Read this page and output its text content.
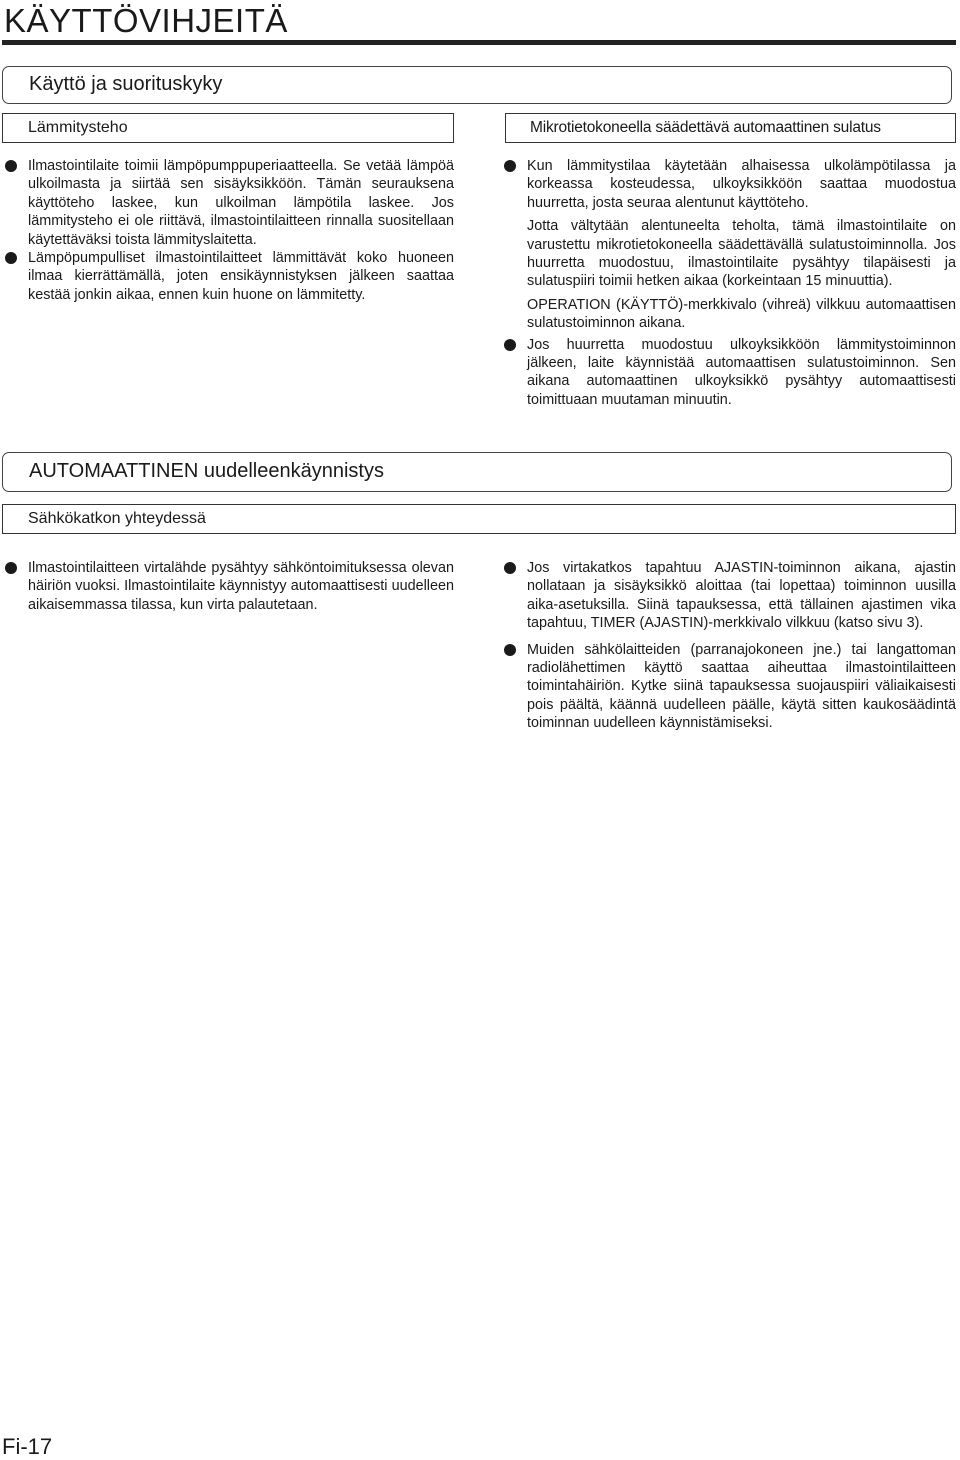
KÄYTTÖVIHJEITÄ
Käyttö ja suorituskyky
Lämmitysteho	Mikrotietokoneella säädettävä automaattinen sulatus
Ilmastointilaite toimii lämpöpumppuperiaatteella. Se vetää lämpöä ulkoilmasta ja siirtää sen sisäyksikköön. Tämän seurauksena käyttöteho laskee, kun ulkoilman lämpötila laskee. Jos lämmitysteho ei ole riittävä, ilmastointilaitteen rinnalla suositellaan käytettäväksi toista lämmityslaitetta.
Lämpöpumpulliset ilmastointilaitteet lämmittävät koko huoneen ilmaa kierrättämällä, joten ensikäynnistyksen jälkeen saattaa kestää jonkin aikaa, ennen kuin huone on lämmitetty.
Kun lämmitystilaa käytetään alhaisessa ulkolämpötilassa ja korkeassa kosteudessa, ulkoyksikköön saattaa muodostua huurretta, josta seuraa alentunut käyttöteho.
Jotta vältytään alentuneelta teholta, tämä ilmastointilaite on varustettu mikrotietokoneella säädettävällä sulatustoiminnolla. Jos huurretta muodostuu, ilmastointilaite pysähtyy tilapäisesti ja sulatuspiiri toimii hetken aikaa (korkeintaan 15 minuuttia).
OPERATION (KÄYTTÖ)-merkkivalo (vihreä) vilkkuu automaattisen sulatustoiminnon aikana.
Jos huurretta muodostuu ulkoyksikköön lämmitystoiminnon jälkeen, laite käynnistää automaattisen sulatustoiminnon. Sen aikana automaattinen ulkoyksikkö pysähtyy automaattisesti toimittuaan muutaman minuutin.
AUTOMAATTINEN uudelleenkäynnistys
Sähkökatkon yhteydessä
Ilmastointilaitteen virtalähde pysähtyy sähköntoimituksessa olevan häiriön vuoksi. Ilmastointilaite käynnistyy automaattisesti uudelleen aikaisemmassa tilassa, kun virta palautetaan.
Jos virtakatkos tapahtuu AJASTIN-toiminnon aikana, ajastin nollataan ja sisäyksikkö aloittaa (tai lopettaa) toiminnon uusilla aika-asetuksilla. Siinä tapauksessa, että tällainen ajastimen vika tapahtuu, TIMER (AJASTIN)-merkkivalo vilkkuu (katso sivu 3).
Muiden sähkölaitteiden (parranajokoneen jne.) tai langattoman radiolähettimen käyttö saattaa aiheuttaa ilmastointilaitteen toimintahäiriön. Kytke siinä tapauksessa suojauspiiri väliaikaisesti pois päältä, käännä uudelleen päälle, käytä sitten kaukosäädintä toiminnan uudelleen käynnistämiseksi.
Fi-17
